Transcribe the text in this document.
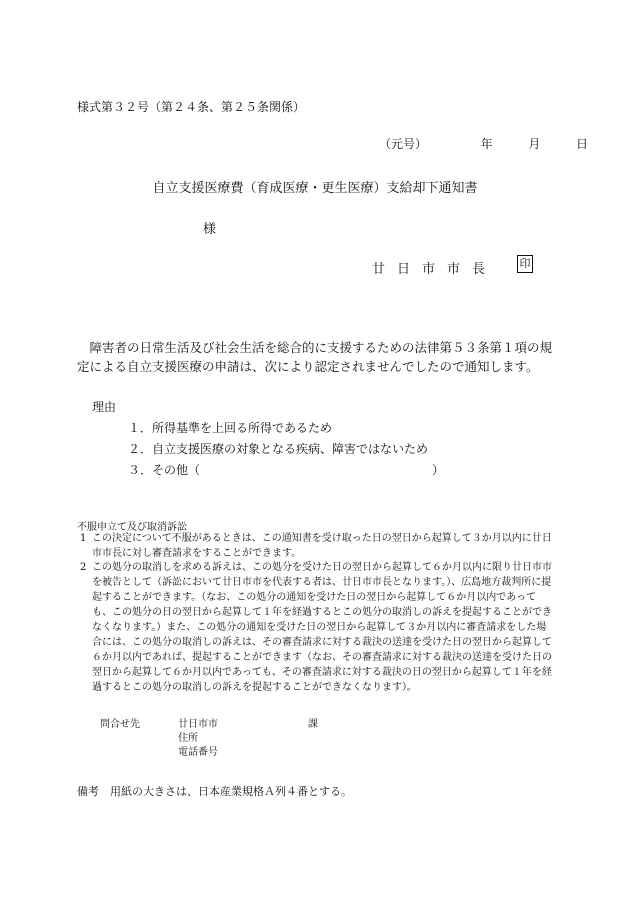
様式第３２号（第２４条、第２５条関係）
（元号）	年	月	日
自立支援医療費（育成医療・更生医療）支給却下通知書
様
廿日市市長 印
障害者の日常生活及び社会生活を総合的に支援するための法律第５３条第１項の規定による自立支援医療の申請は、次により認定されませんでしたので通知します。
理由
１．所得基準を上回る所得であるため
２．自立支援医療の対象となる疾病、障害ではないため
３．その他（	）
不服申立て及び取消訴訟
1 この決定について不服があるときは、この通知書を受け取った日の翌日から起算して３か月以内に廿日市市長に対し審査請求をすることができます。
2 この処分の取消しを求める訴えは、この処分を受けた日の翌日から起算して６か月以内に限り廿日市市を被告として（訴訟において廿日市市を代表する者は、廿日市市長となります。）、広島地方裁判所に提起することができます。（なお、この処分の通知を受けた日の翌日から起算して６か月以内であっても、この処分の日の翌日から起算して１年を経過するとこの処分の取消しの訴えを提起することができなくなります。）また、この処分の通知を受けた日の翌日から起算して３か月以内に審査請求をした場合には、この処分の取消しの訴えは、その審査請求に対する裁決の送達を受けた日の翌日から起算して６か月以内であれば、提起することができます（なお、その審査請求に対する裁決の送達を受けた日の翌日から起算して６か月以内であっても、その審査請求に対する裁決の日の翌日から起算して１年を経過するとこの処分の取消しの訴えを提起することができなくなります）。
問合せ先	廿日市市	課
住所
電話番号
備考　用紙の大きさは、日本産業規格Ａ列４番とする。
